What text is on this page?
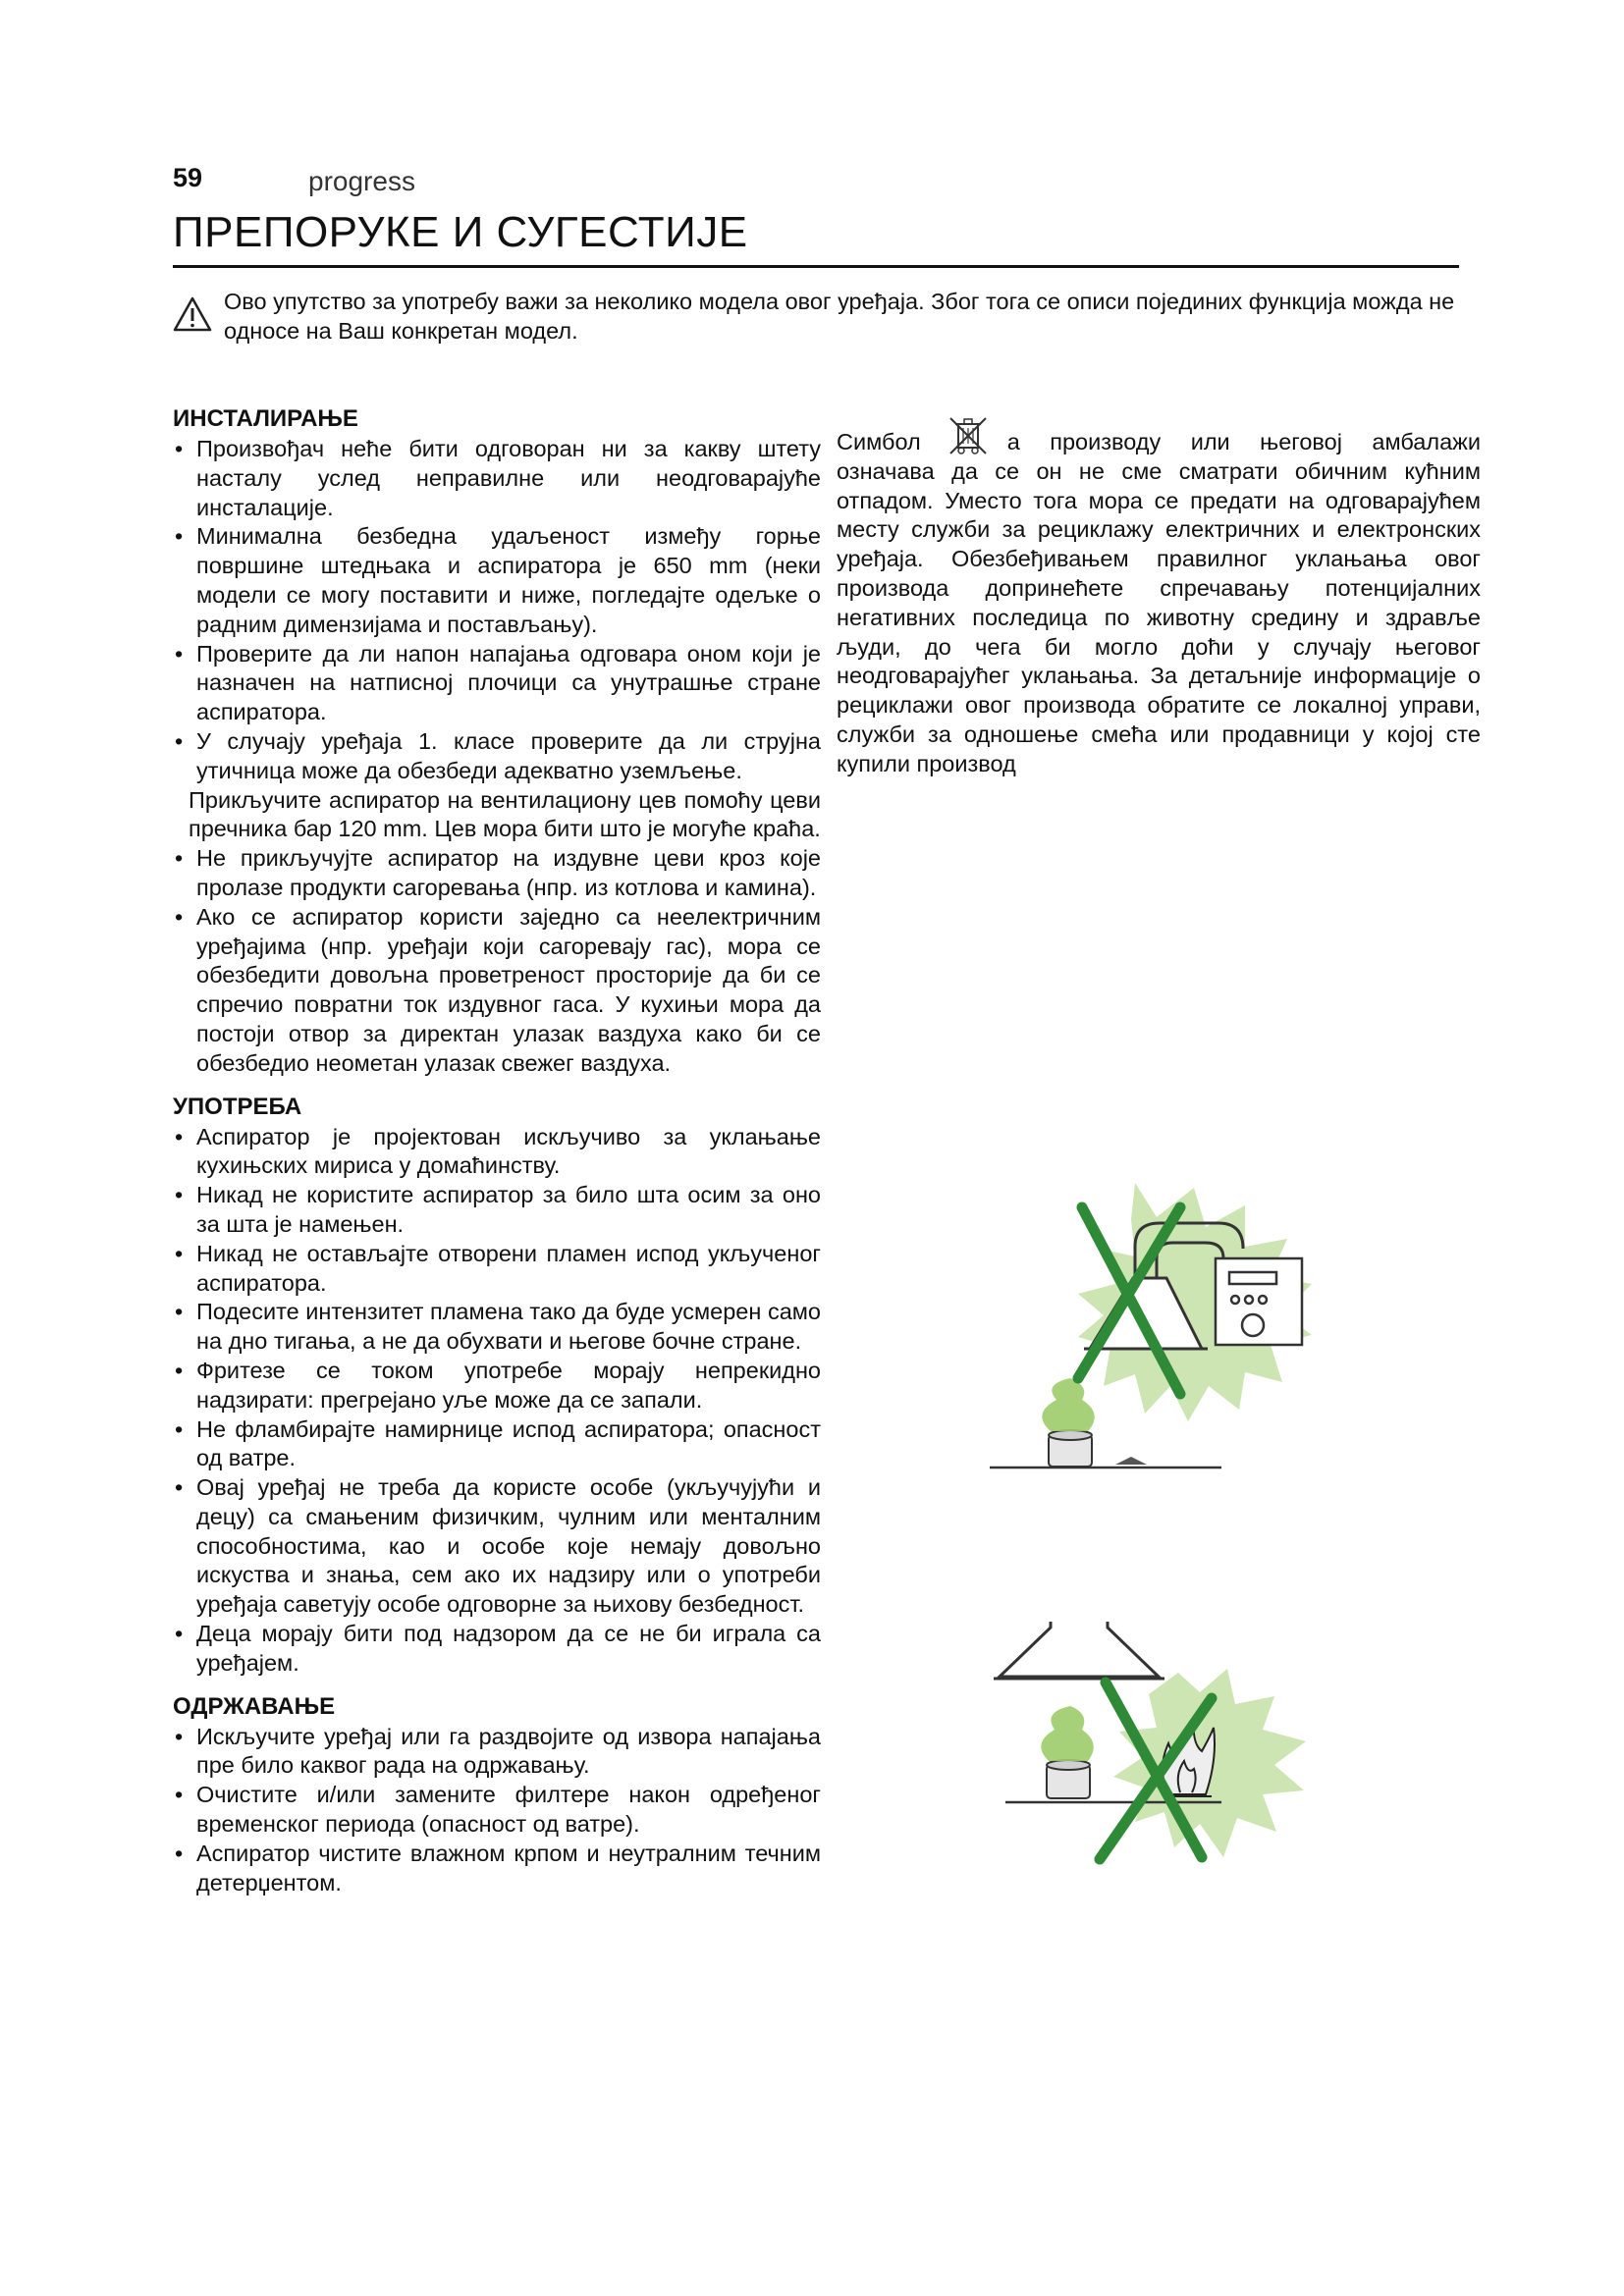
59	progress
ПРЕПОРУКЕ И СУГЕСТИЈЕ

Ово упутство за употребу важи за неколико модела овог уређаја. Због тога се описи појединих функција можда не односе на Ваш конкретан модел.

ИНСТАЛИРАЊЕ
• Произвођач неће бити одговоран ни за какву штету насталу услед неправилне или неодговарајуће инсталације.
• Минимална безбедна удаљеност између горње површине штедњака и аспиратора је 650 mm (неки модели се могу поставити и ниже, погледајте одељке о радним димензијама и постављању).
• Проверите да ли напон напајања одговара оном који је назначен на натписној плочици са унутрашње стране аспиратора.
• У случају уређаја 1. класе проверите да ли струјна утичница може да обезбеди адекватно уземљење.
Прикључите аспиратор на вентилациону цев помоћу цеви пречника бар 120 mm. Цев мора бити што је могуће краћа.
• Не прикључујте аспиратор на издувне цеви кроз које пролазе продукти сагоревања (нпр. из котлова и камина).
• Ако се аспиратор користи заједно са неелектричним уређајима (нпр. уређаји који сагоревају гас), мора се обезбедити довољна проветреност просторије да би се спречио повратни ток издувног гаса. У кухињи мора да постоји отвор за директан улазак ваздуха како би се обезбедио неометан улазак свежег ваздуха.
УПОТРЕБА
• Аспиратор је пројектован искључиво за уклањање кухињских мириса у домаћинству.
• Никад не користите аспиратор за било шта осим за оно за шта је намењен.
• Никад не остављајте отворени пламен испод укљученог аспиратора.
• Подесите интензитет пламена тако да буде усмерен само на дно тигања, а не да обухвати и његове бочне стране.
• Фритезе се током употребе морају непрекидно надзирати: прегрејано уље може да се запали.
• Не фламбирајте намирнице испод аспиратора; опасност од ватре.
• Овај уређај не треба да користе особе (укључујући и децу) са смањеним физичким, чулним или менталним способностима, као и особе које немају довољно искуства и знања, сем ако их надзиру или о употреби уређаја саветују особе одговорне за њихову безбедност.
• Деца морају бити под надзором да се не би играла са уређајем.
ОДРЖАВАЊЕ
• Искључите уређај или га раздвојите од извора напајања пре било каквог рада на одржавању.
• Очистите и/или замените филтере након одређеног временског периода (опасност од ватре).
• Аспиратор чистите влажном крпом и неутралним течним детерџентом.

Симбол	а производу или његовој амбалажи означава да се он не сме сматрати обичним кућним отпадом. Уместо тога мора се предати на одговарајућем месту служби за рециклажу електричних и електронских уређаја. Обезбеђивањем правилног уклањања овог производа допринећете спречавању потенцијалних негативних последица по животну средину и здравље људи, до чега би могло доћи у случају његовог неодговарајућег уклањања. За детаљније информације о рециклажи овог производа обратите се локалној управи, служби за одношење смећа или продавници у којој сте купили производ
